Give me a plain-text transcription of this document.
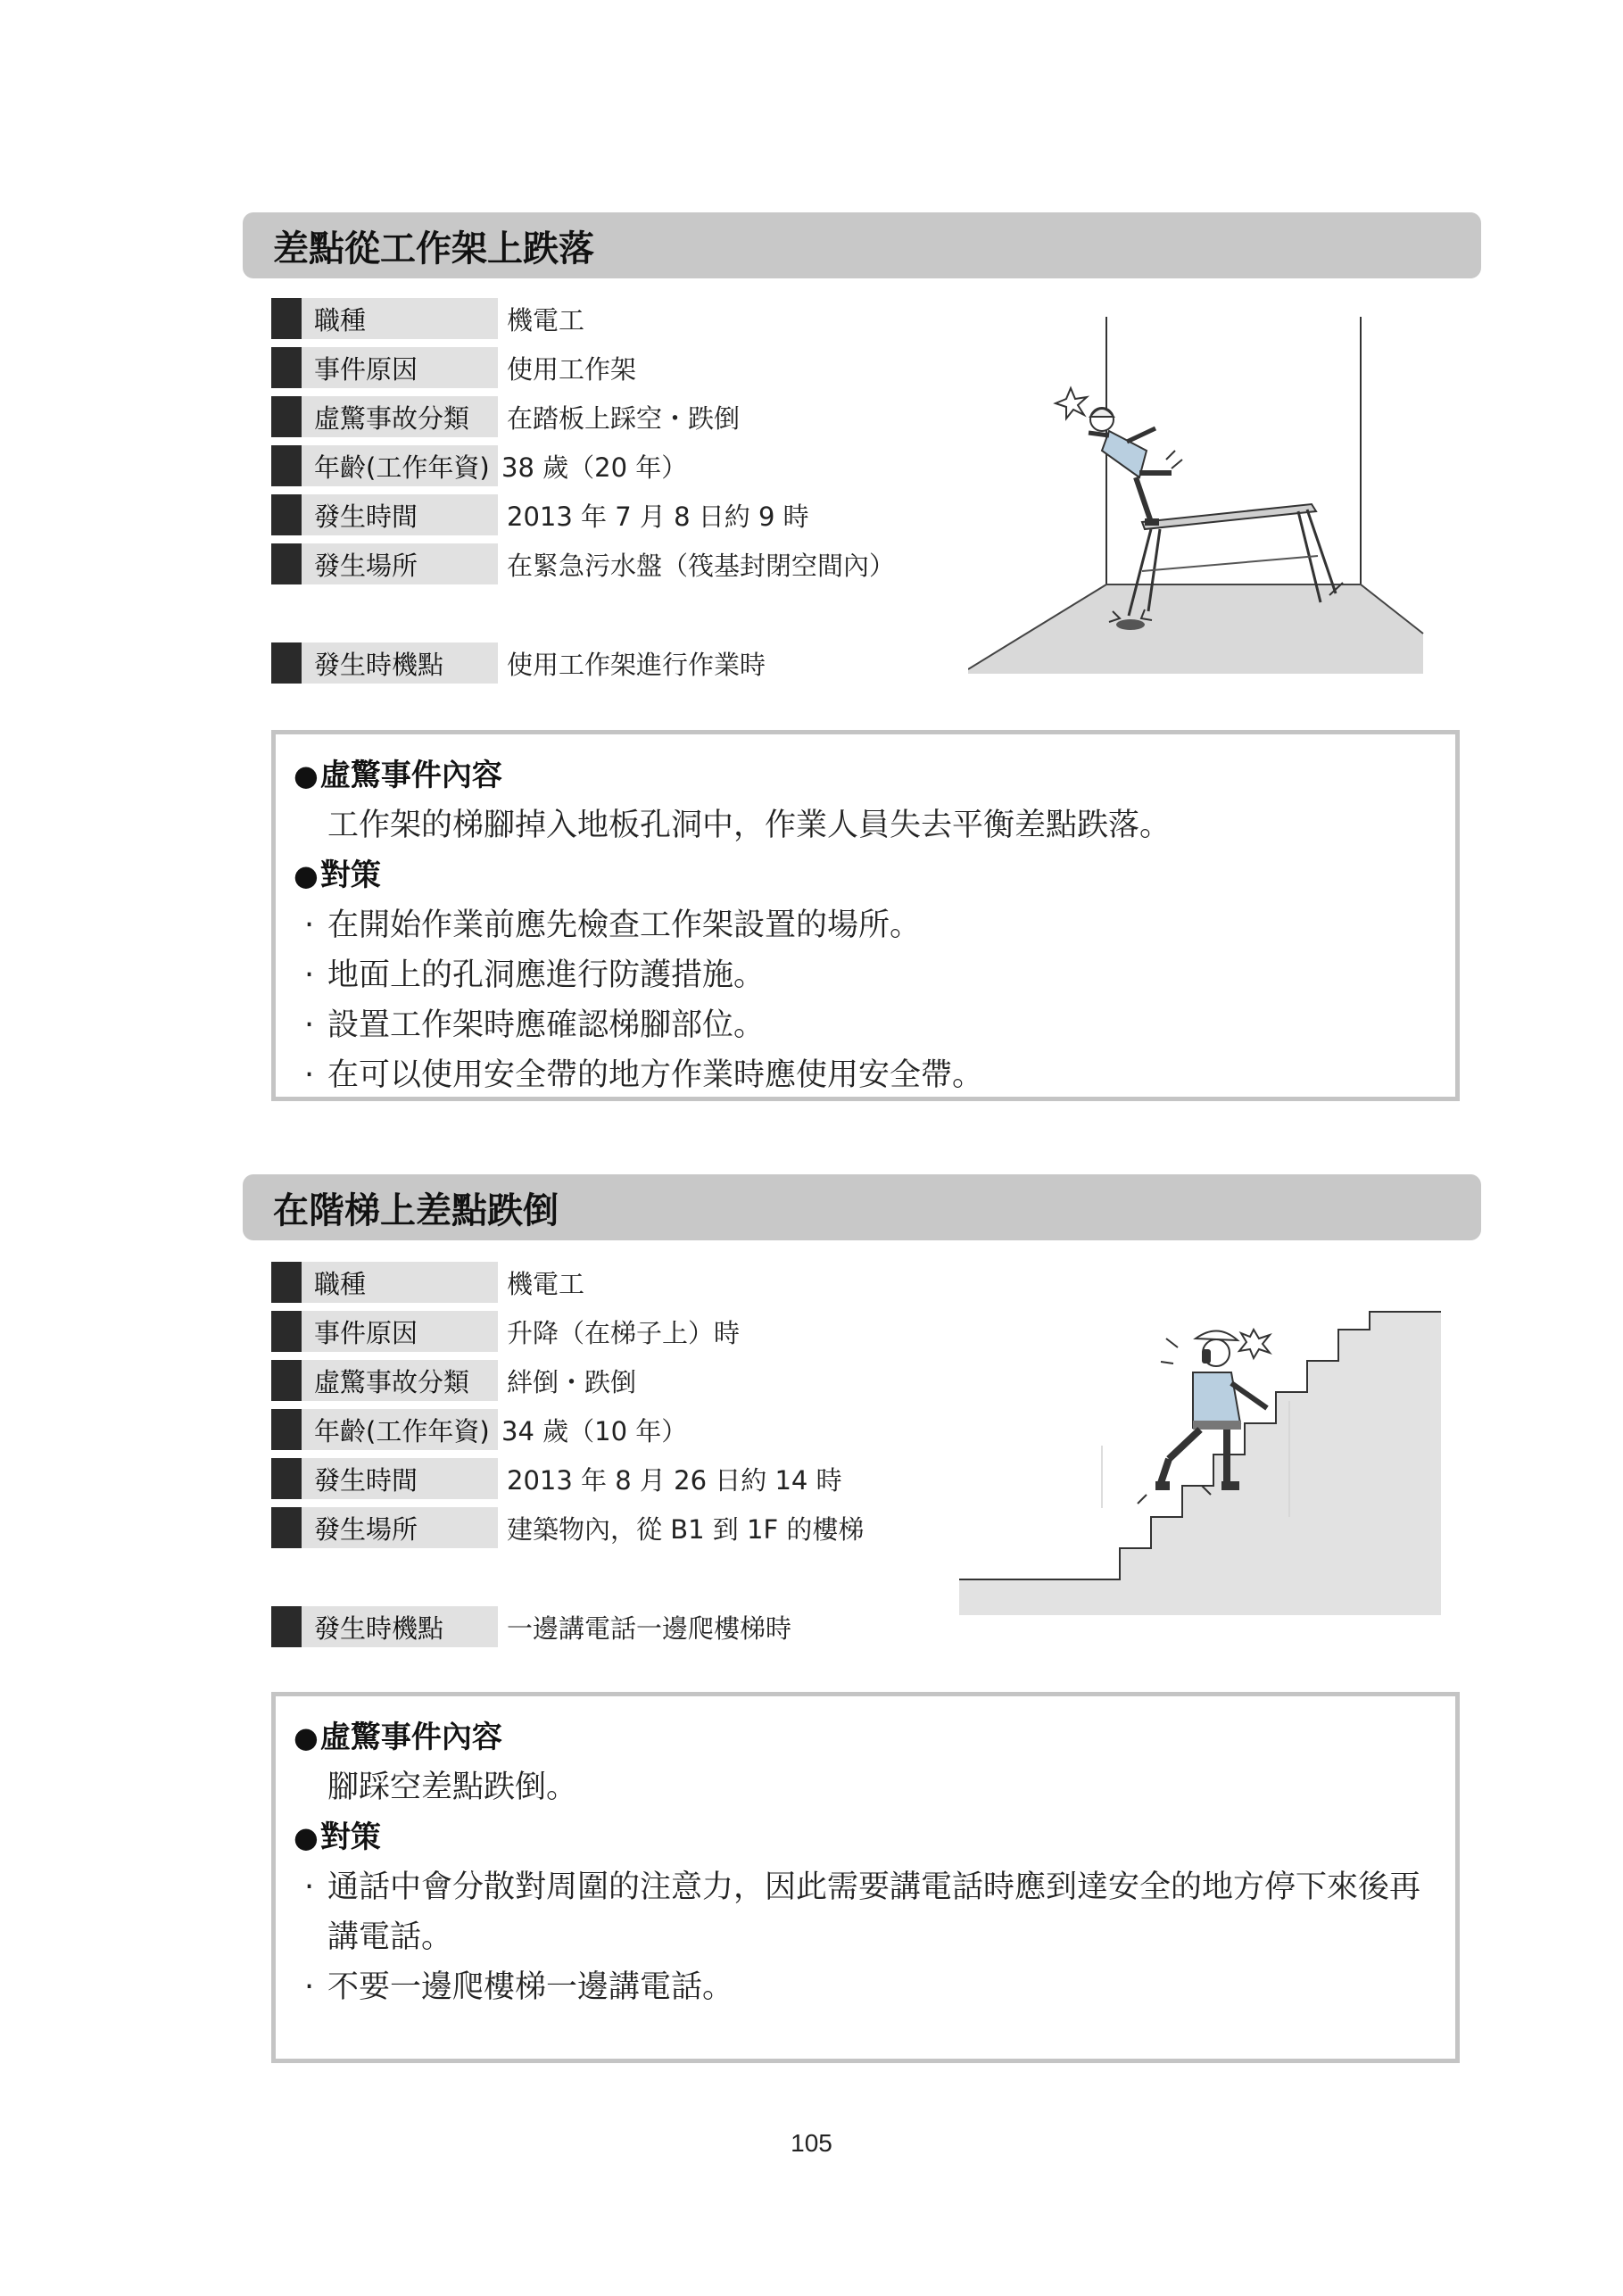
差點從工作架上跌落
職種	機電工
事件原因	使用工作架
虛驚事故分類	在踏板上踩空・跌倒
年齡(工作年資) 38 歲（20 年）
發生時間	2013 年 7 月 8 日約 9 時
發生場所	在緊急污水盤（筏基封閉空間內）
發生時機點	使用工作架進行作業時
●虛驚事件內容
工作架的梯腳掉入地板孔洞中，作業人員失去平衡差點跌落。
●對策
· 在開始作業前應先檢查工作架設置的場所。
· 地面上的孔洞應進行防護措施。
· 設置工作架時應確認梯腳部位。
· 在可以使用安全帶的地方作業時應使用安全帶。
在階梯上差點跌倒
職種	機電工
事件原因	升降（在梯子上）時
虛驚事故分類	絆倒・跌倒
年齡(工作年資) 34 歲（10 年）
發生時間	2013 年 8 月 26 日約 14 時
發生場所	建築物內，從 B1 到 1F 的樓梯
發生時機點	一邊講電話一邊爬樓梯時
●虛驚事件內容
腳踩空差點跌倒。
●對策
· 通話中會分散對周圍的注意力，因此需要講電話時應到達安全的地方停下來後再講電話。
· 不要一邊爬樓梯一邊講電話。
105
